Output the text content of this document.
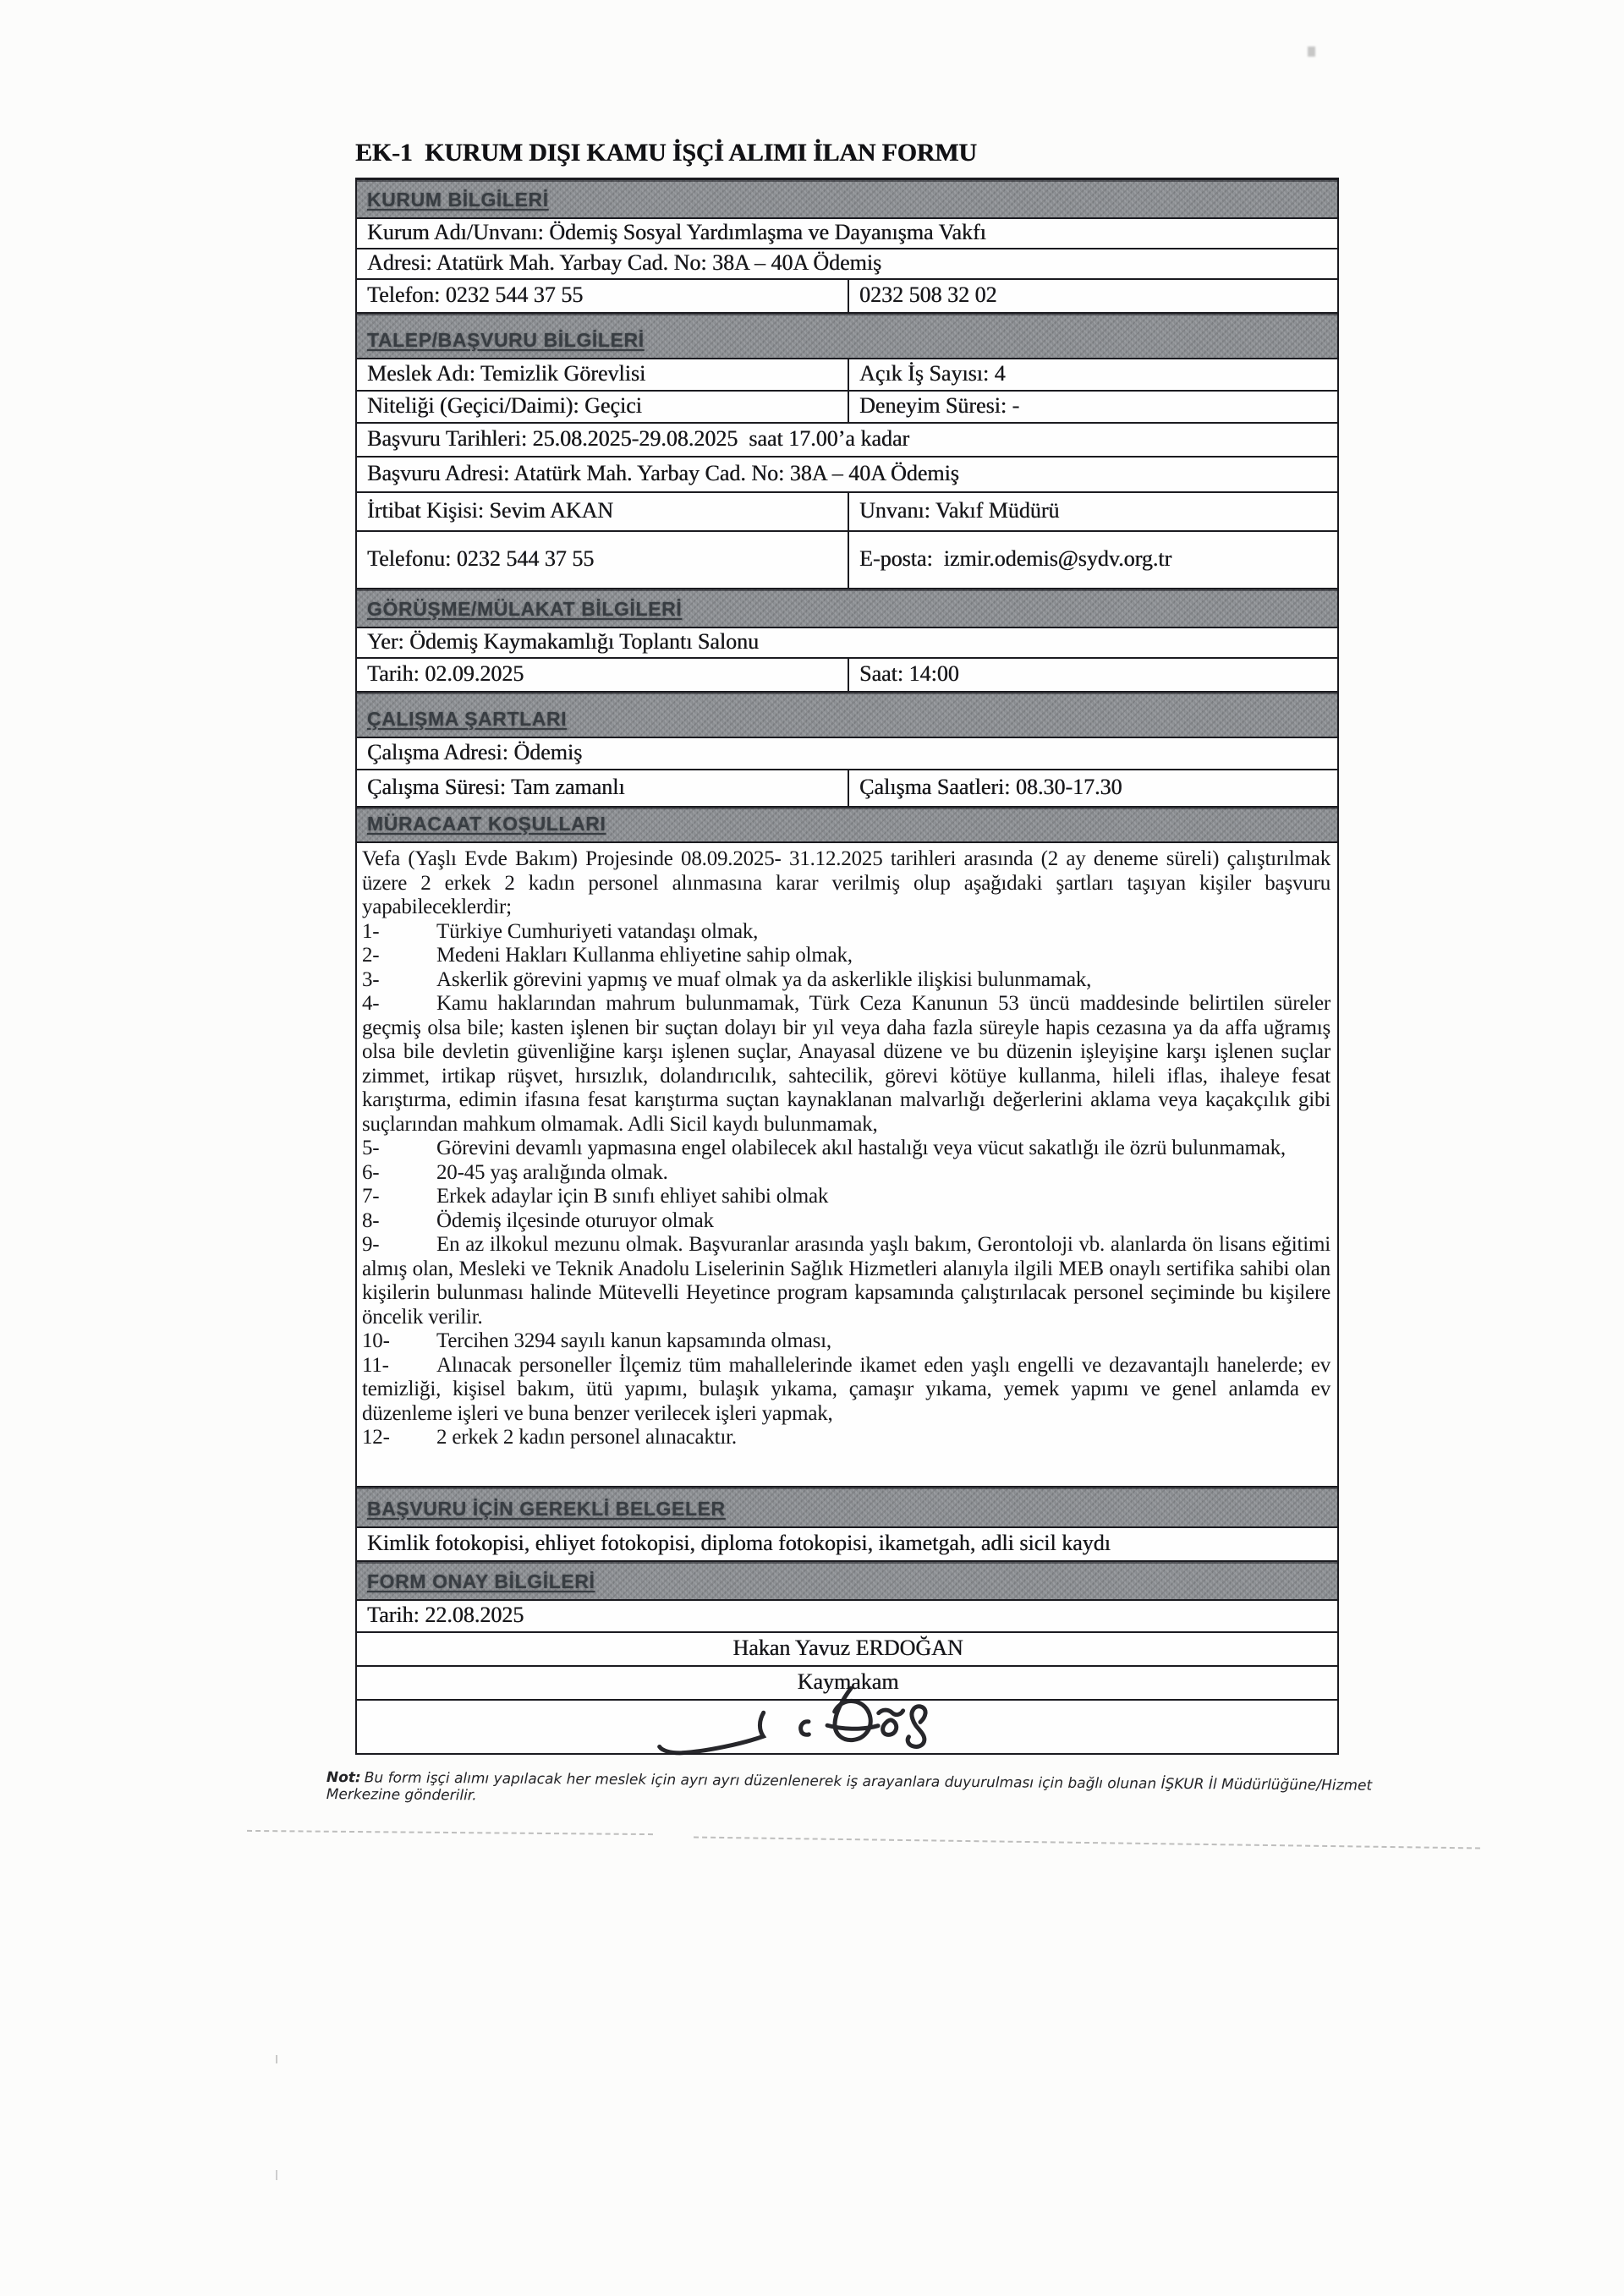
EK-1  KURUM DIŞI KAMU İŞÇİ ALIMI İLAN FORMU
KURUM BİLGİLERİ
Kurum Adı/Unvanı: Ödemiş Sosyal Yardımlaşma ve Dayanışma Vakfı
Adresi: Atatürk Mah. Yarbay Cad. No: 38A – 40A Ödemiş
Telefon: 0232 544 37 55	0232 508 32 02
TALEP/BAŞVURU BİLGİLERİ
Meslek Adı: Temizlik Görevlisi	Açık İş Sayısı: 4
Niteliği (Geçici/Daimi): Geçici	Deneyim Süresi: -
Başvuru Tarihleri: 25.08.2025-29.08.2025  saat 17.00’a kadar
Başvuru Adresi: Atatürk Mah. Yarbay Cad. No: 38A – 40A Ödemiş
İrtibat Kişisi: Sevim AKAN	Unvanı: Vakıf Müdürü
Telefonu: 0232 544 37 55	E-posta:  izmir.odemis@sydv.org.tr
GÖRÜŞME/MÜLAKAT BİLGİLERİ
Yer: Ödemiş Kaymakamlığı Toplantı Salonu
Tarih: 02.09.2025	Saat: 14:00
ÇALIŞMA ŞARTLARI
Çalışma Adresi: Ödemiş
Çalışma Süresi: Tam zamanlı	Çalışma Saatleri: 08.30-17.30
MÜRACAAT KOŞULLARI

Vefa (Yaşlı Evde Bakım) Projesinde 08.09.2025- 31.12.2025 tarihleri arasında (2 ay deneme süreli) çalıştırılmak üzere 2 erkek 2 kadın personel alınmasına karar verilmiş olup aşağıdaki şartları taşıyan kişiler başvuru yapabileceklerdir;

1-	Türkiye Cumhuriyeti vatandaşı olmak,

2-	Medeni Hakları Kullanma ehliyetine sahip olmak,

3-	Askerlik görevini yapmış ve muaf olmak ya da askerlikle ilişkisi bulunmamak,

4-	Kamu haklarından mahrum bulunmamak, Türk Ceza Kanunun 53 üncü maddesinde belirtilen süreler geçmiş olsa bile; kasten işlenen bir suçtan dolayı bir yıl veya daha fazla süreyle hapis cezasına ya da affa uğramış olsa bile devletin güvenliğine karşı işlenen suçlar, Anayasal düzene ve bu düzenin işleyişine karşı işlenen suçlar zimmet, irtikap rüşvet, hırsızlık, dolandırıcılık, sahtecilik, görevi kötüye kullanma, hileli iflas, ihaleye fesat karıştırma, edimin ifasına fesat karıştırma suçtan kaynaklanan malvarlığı değerlerini aklama veya kaçakçılık gibi suçlarından mahkum olmamak. Adli Sicil kaydı bulunmamak,

5-	Görevini devamlı yapmasına engel olabilecek akıl hastalığı veya vücut sakatlığı ile özrü bulunmamak,

6-	20-45 yaş aralığında olmak.

7-	Erkek adaylar için B sınıfı ehliyet sahibi olmak

8-	Ödemiş ilçesinde oturuyor olmak

9-	En az ilkokul mezunu olmak. Başvuranlar arasında yaşlı bakım, Gerontoloji vb. alanlarda ön lisans eğitimi almış olan, Mesleki ve Teknik Anadolu Liselerinin Sağlık Hizmetleri alanıyla ilgili MEB onaylı sertifika sahibi olan kişilerin bulunması halinde Mütevelli Heyetince program kapsamında çalıştırılacak personel seçiminde bu kişilere öncelik verilir.

10- Tercihen 3294 sayılı kanun kapsamında olması,

11- Alınacak personeller İlçemiz tüm mahallelerinde ikamet eden yaşlı engelli ve dezavantajlı hanelerde; ev temizliği, kişisel bakım, ütü yapımı, bulaşık yıkama, çamaşır yıkama, yemek yapımı ve genel anlamda ev düzenleme işleri ve buna benzer verilecek işleri yapmak,

12- 2 erkek 2 kadın personel alınacaktır.

BAŞVURU İÇİN GEREKLİ BELGELER
Kimlik fotokopisi, ehliyet fotokopisi, diploma fotokopisi, ikametgah, adli sicil kaydı
FORM ONAY BİLGİLERİ
Tarih: 22.08.2025
Hakan Yavuz ERDOĞAN
Kaymakam

Not: Bu form işçi alımı yapılacak her meslek için ayrı ayrı düzenlenerek iş arayanlara duyurulması için bağlı olunan İŞKUR İl Müdürlüğüne/Hizmet Merkezine gönderilir.
